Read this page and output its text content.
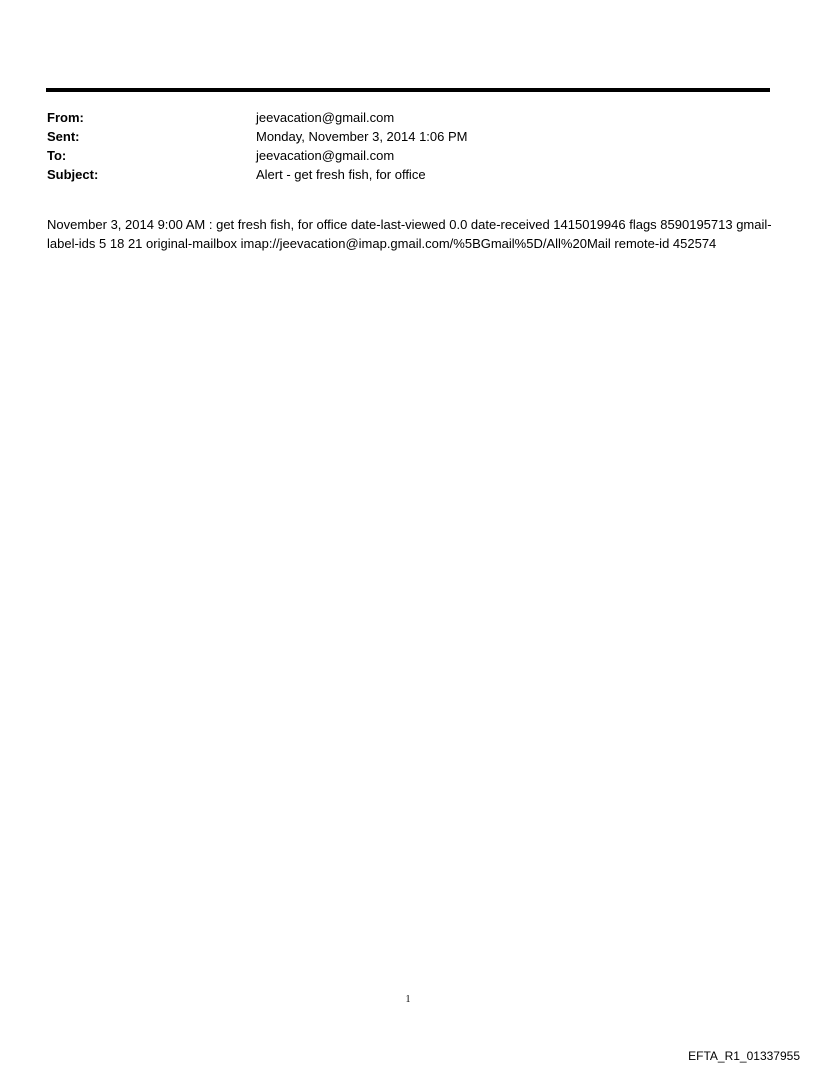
From:	jeevacation@gmail.com
Sent:	Monday, November 3, 2014 1:06 PM
To:	jeevacation@gmail.com
Subject:	Alert - get fresh fish, for office
November 3, 2014 9:00 AM : get fresh fish, for office date-last-viewed 0.0 date-received 1415019946 flags 8590195713 gmail-label-ids 5 18 21 original-mailbox imap://jeevacation@imap.gmail.com/%5BGmail%5D/All%20Mail remote-id 452574
1
EFTA_R1_01337955
